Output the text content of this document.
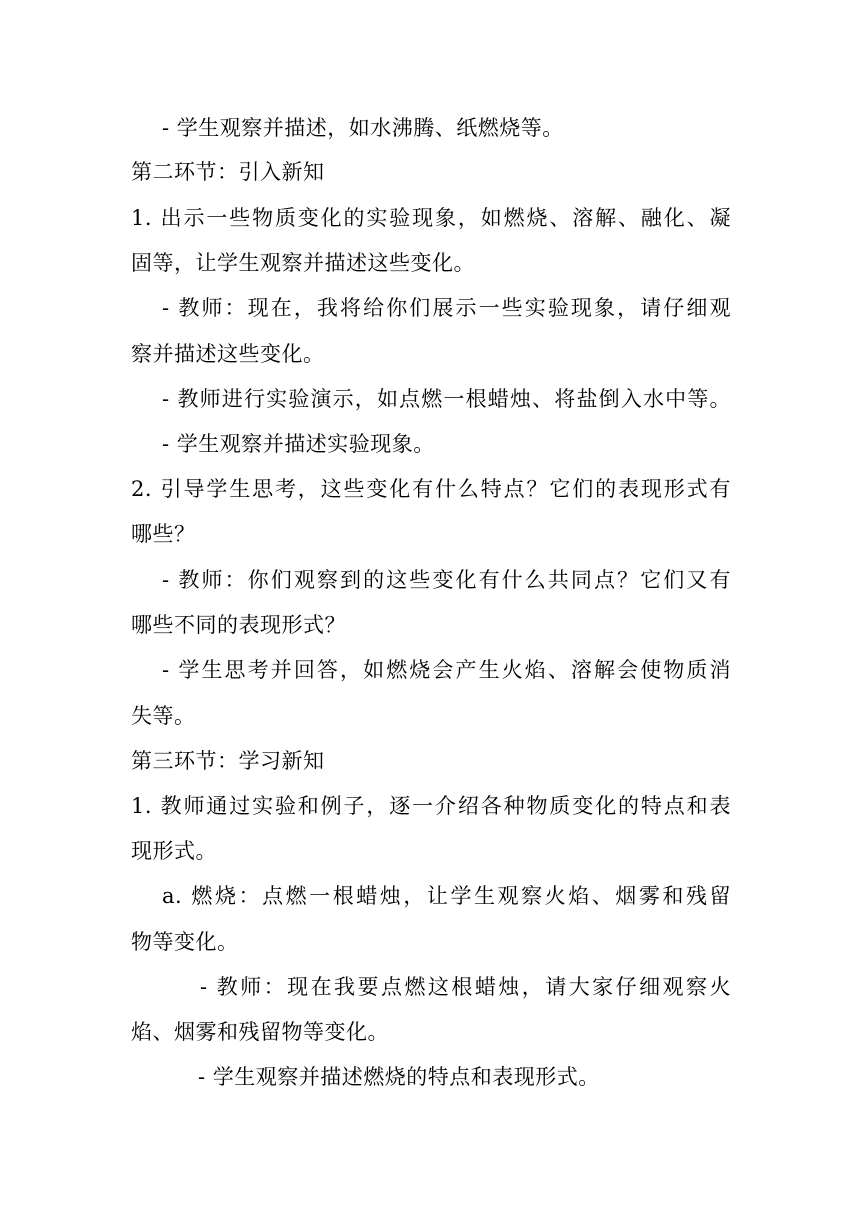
- 学生观察并描述，如水沸腾、纸燃烧等。
第二环节：引入新知
1. 出示一些物质变化的实验现象，如燃烧、溶解、融化、凝
固等，让学生观察并描述这些变化。
- 教师：现在，我将给你们展示一些实验现象，请仔细观
察并描述这些变化。
- 教师进行实验演示，如点燃一根蜡烛、将盐倒入水中等。
- 学生观察并描述实验现象。
2. 引导学生思考，这些变化有什么特点？它们的表现形式有
哪些？
- 教师：你们观察到的这些变化有什么共同点？它们又有
哪些不同的表现形式？
- 学生思考并回答，如燃烧会产生火焰、溶解会使物质消
失等。
第三环节：学习新知
1. 教师通过实验和例子，逐一介绍各种物质变化的特点和表
现形式。
a. 燃烧：点燃一根蜡烛，让学生观察火焰、烟雾和残留
物等变化。
- 教师：现在我要点燃这根蜡烛，请大家仔细观察火
焰、烟雾和残留物等变化。
- 学生观察并描述燃烧的特点和表现形式。
